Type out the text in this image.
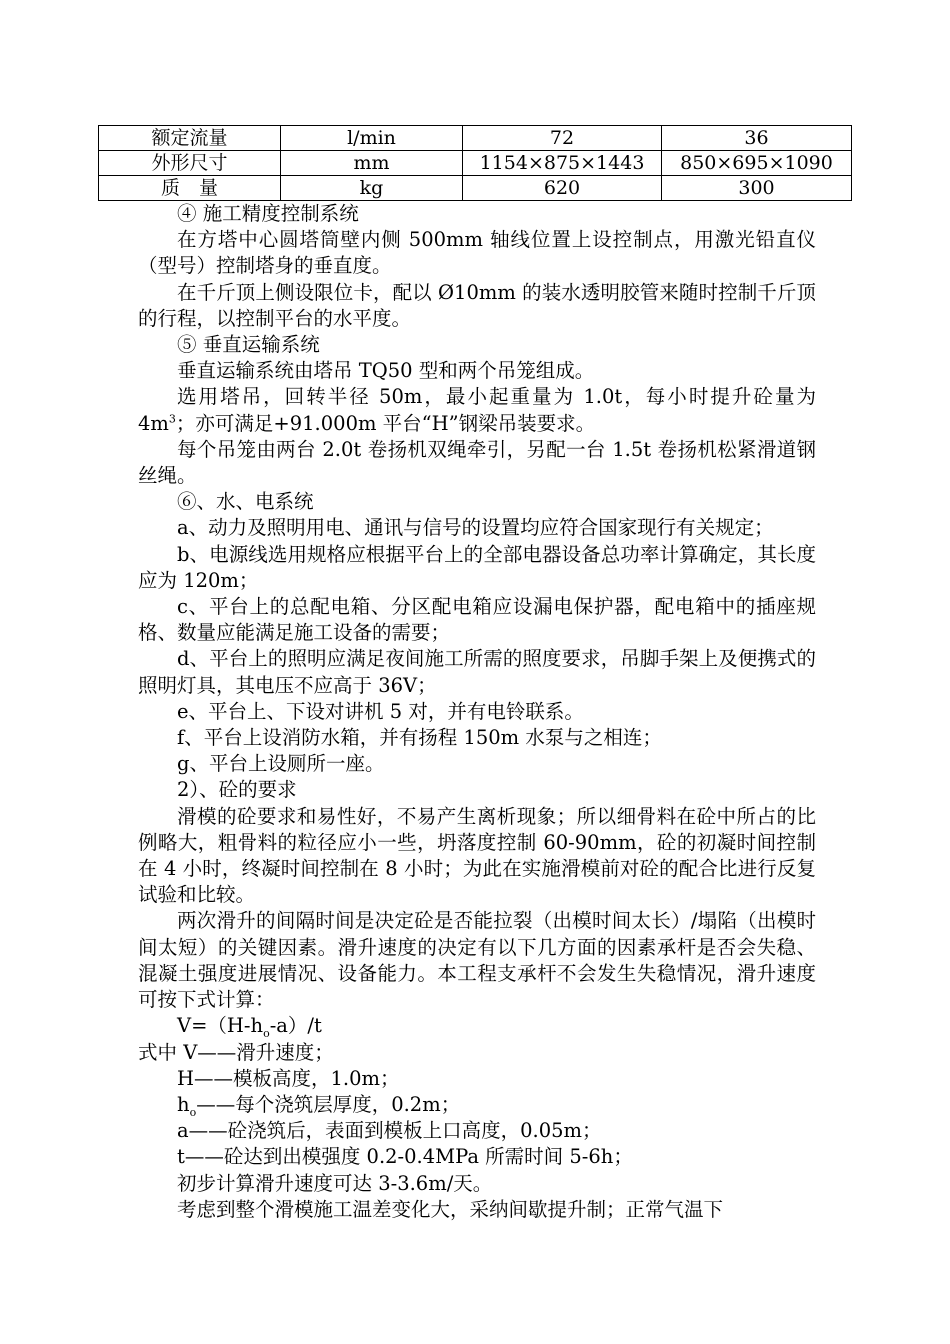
额定流量	l/min	72	36
外形尺寸	mm	1154×875×1443	850×695×1090
质　量	kg	620	300

④ 施工精度控制系统

在方塔中心圆塔筒壁内侧 500mm 轴线位置上设控制点，用激光铅直仪（型号）控制塔身的垂直度。

在千斤顶上侧设限位卡，配以 Ø10mm 的装水透明胶管来随时控制千斤顶的行程，以控制平台的水平度。

⑤ 垂直运输系统

垂直运输系统由塔吊 TQ50 型和两个吊笼组成。

选用塔吊，回转半径 50m，最小起重量为 1.0t，每小时提升砼量为 $4m^3$；亦可满足+91.000m 平台“H”钢梁吊装要求。

每个吊笼由两台 2.0t 卷扬机双绳牵引，另配一台 1.5t 卷扬机松紧滑道钢丝绳。

⑥、水、电系统

a、动力及照明用电、通讯与信号的设置均应符合国家现行有关规定；

b、电源线选用规格应根据平台上的全部电器设备总功率计算确定，其长度应为 120m；

c、平台上的总配电箱、分区配电箱应设漏电保护器，配电箱中的插座规格、数量应能满足施工设备的需要；

d、平台上的照明应满足夜间施工所需的照度要求，吊脚手架上及便携式的照明灯具，其电压不应高于 36V；

e、平台上、下设对讲机 5 对，并有电铃联系。

f、平台上设消防水箱，并有扬程 150m 水泵与之相连；

g、平台上设厕所一座。

2）、砼的要求

滑模的砼要求和易性好，不易产生离析现象；所以细骨料在砼中所占的比例略大，粗骨料的粒径应小一些，坍落度控制 60-90mm，砼的初凝时间控制在 4 小时，终凝时间控制在 8 小时；为此在实施滑模前对砼的配合比进行反复试验和比较。

两次滑升的间隔时间是决定砼是否能拉裂（出模时间太长）/塌陷（出模时间太短）的关键因素。滑升速度的决定有以下几方面的因素承杆是否会失稳、混凝土强度进展情况、设备能力。本工程支承杆不会发生失稳情况，滑升速度可按下式计算：

$V=(H-h_o-a)/t$

式中 V——滑升速度；

H——模板高度，1.0m；

$h_o——$每个浇筑层厚度，0.2m；

a——砼浇筑后，表面到模板上口高度，0.05m；

t——砼达到出模强度 0.2-0.4MPa 所需时间 5-6h；

初步计算滑升速度可达 3-3.6m/天。

考虑到整个滑模施工温差变化大，采纳间歇提升制；正常气温下
